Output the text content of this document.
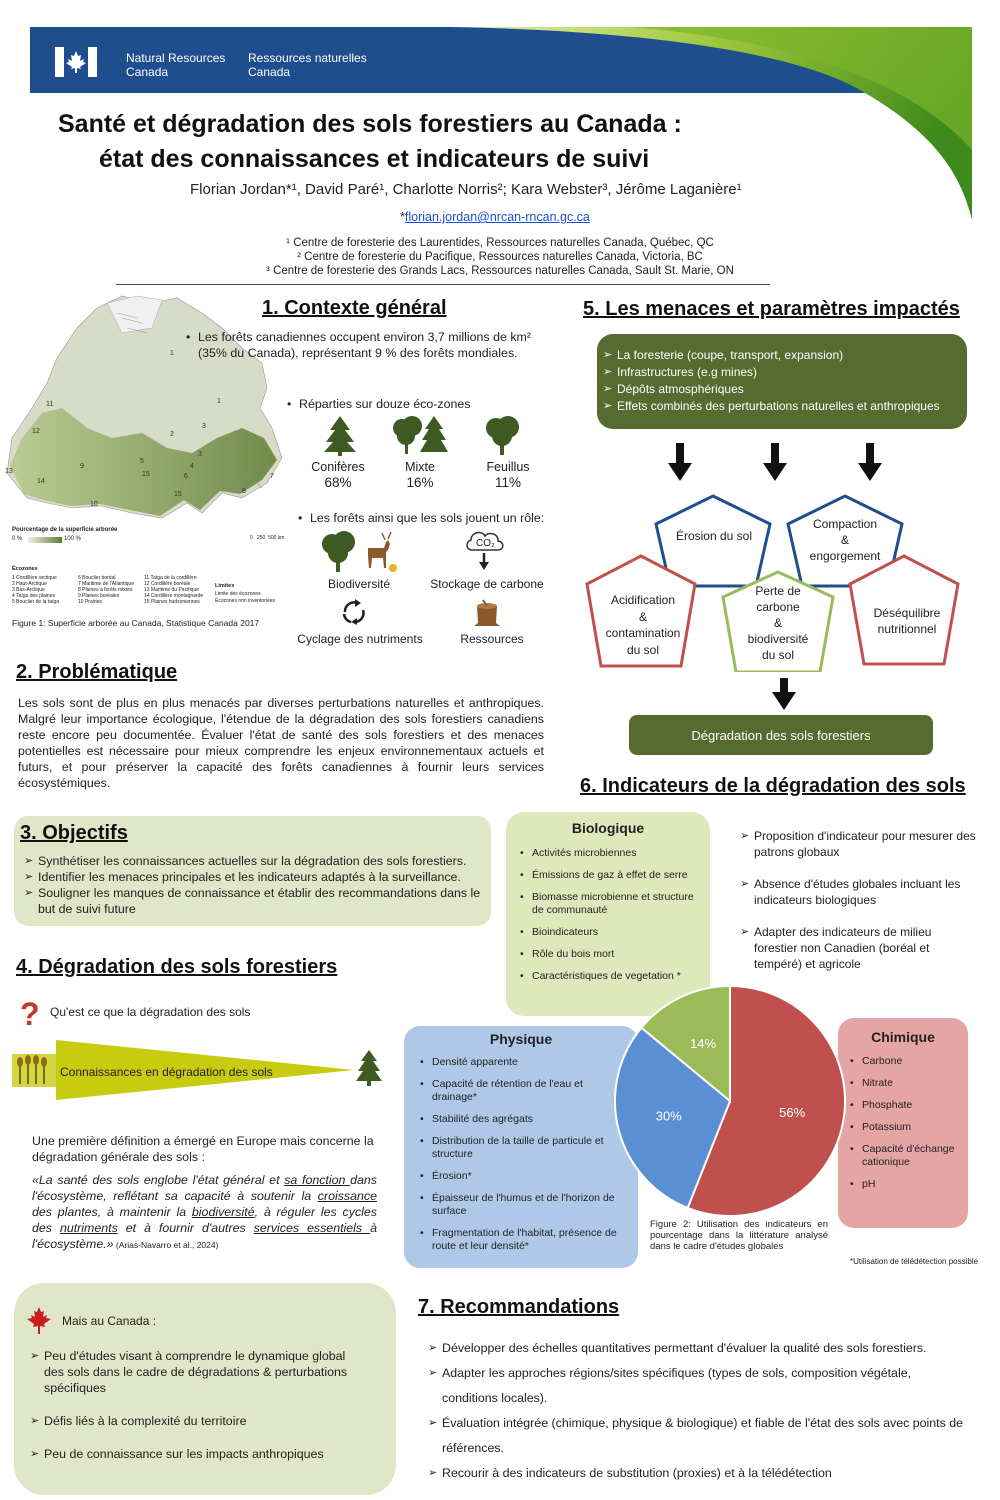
Natural Resources
Canada
Ressources naturelles
Canada
Santé et dégradation des sols forestiers au Canada :
état des connaissances et indicateurs de suivi
Florian Jordan*¹, David Paré¹, Charlotte Norris²; Kara Webster³, Jérôme Laganière¹
*florian.jordan@nrcan-rncan.gc.ca
¹ Centre de foresterie des Laurentides, Ressources naturelles Canada, Québec, QC
² Centre de foresterie du Pacifique, Ressources naturelles Canada, Victoria, BC
³ Centre de foresterie des Grands Lacs, Ressources naturelles Canada, Sault St. Marie, ON
1. Contexte général
1
2
3
4
5
6	7
8
9
10
11
12
13
14
15
3
15
1
Pourcentage de la superficie arborée
0 %	100 %	0   250  500 km
Écozones
1 Cordillère arctique	6 Bouclier boréal	11 Taïga de la cordillère
2 Haut-Arctique	7 Maritime de l'Atlantique	12 Cordillère boréale
3 Bas-Arctique	8 Plaines à forêts mixtes	13 Maritime du Pacifique
4 Taïga des plaines	9 Plaines boréales	14 Cordillère montagnarde
5 Bouclier de la taïga	10 Prairies	15 Plaines hudsoniennes
Limites
Limite des écozones
Écozones non inventoriées
Figure 1: Superficie arborée au Canada, Statistique Canada 2017
• Les forêts canadiennes occupent environ 3,7 millions de km² (35% du Canada), représentant 9 % des forêts mondiales.
• Réparties sur douze éco-zones
Conifères
68%
Mixte
16%
Feuillus
11%
• Les forêts ainsi que les sols jouent un rôle:
CO₂
Biodiversité	Stockage de carbone
Cyclage des nutriments	Ressources
2. Problématique
Les sols sont de plus en plus menacés par diverses perturbations naturelles et anthropiques. Malgré leur importance écologique, l'étendue de la dégradation des sols forestiers canadiens reste encore peu documentée. Évaluer l'état de santé des sols forestiers et des menaces potentielles est nécessaire pour mieux comprendre les enjeux environnementaux actuels et futurs, et pour préserver la capacité des forêts canadiennes à fournir leurs services écosystémiques.
3. Objectifs
➢ Synthétiser les connaissances actuelles sur la dégradation des sols forestiers.
➢ Identifier les menaces principales et les indicateurs adaptés à la surveillance.
➢ Souligner les manques de connaissance et établir des recommandations dans le but de suivi future
4. Dégradation des sols forestiers
? Qu'est ce que la dégradation des sols
Connaissances en dégradation des sols
Une première définition a émergé en Europe mais concerne la dégradation générale des sols :
«La santé des sols englobe l'état général et sa fonction dans l'écosystème, reflétant sa capacité à soutenir la croissance des plantes, à maintenir la biodiversité, à réguler les cycles des nutriments et à fournir d'autres services essentiels à l'écosystème.» (Arias-Navarro et al., 2024)
Mais au Canada :
➢ Peu d'études visant à comprendre le dynamique global des sols dans le cadre de dégradations & perturbations spécifiques
➢ Défis liés à la complexité du territoire
➢ Peu de connaissance sur les impacts anthropiques
5. Les menaces et paramètres impactés
➢ La foresterie (coupe, transport, expansion)
➢ Infrastructures (e.g mines)
➢ Dépôts atmosphériques
➢ Effets combinés des perturbations naturelles et anthropiques
Érosion du sol
Compaction
&
engorgement
Acidification
&
contamination
du sol
Perte de
carbone
&
biodiversité
du sol
Déséquilibre
nutritionnel
Dégradation des sols forestiers
6. Indicateurs de la dégradation des sols
Biologique
• Activités microbiennes
• Émissions de gaz à effet de serre
• Biomasse microbienne et structure de communauté
• Bioindicateurs
• Rôle du bois mort
• Caractéristiques de vegetation *
Physique
• Densité apparente
• Capacité de rétention de l'eau et drainage*
• Stabilité des agrégats
• Distribution de la taille de particule et structure
• Érosion*
• Épaisseur de l'humus et de l'horizon de surface
• Fragmentation de l'habitat, présence de route et leur densité*
Chimique
• Carbone
• Nitrate
• Phosphate
• Potassium
• Capacité d'échange cationique
• pH
56%
30%
14%
Figure 2: Utilisation des indicateurs en pourcentage dans la littérature analysé dans le cadre d'études globales
*Utilisation de télédétection possible
➢ Proposition d'indicateur pour mesurer des patrons globaux
➢ Absence d'études globales incluant les indicateurs biologiques
➢ Adapter des indicateurs de milieu forestier non Canadien (boréal et tempéré) et agricole
7. Recommandations
➢ Développer des échelles quantitatives permettant d'évaluer la qualité des sols forestiers.
➢ Adapter les approches régions/sites spécifiques (types de sols, composition végétale, conditions locales).
➢ Évaluation intégrée (chimique, physique & biologique) et fiable de l'état des sols avec points de références.
➢ Recourir à des indicateurs de substitution (proxies) et à la télédétection
